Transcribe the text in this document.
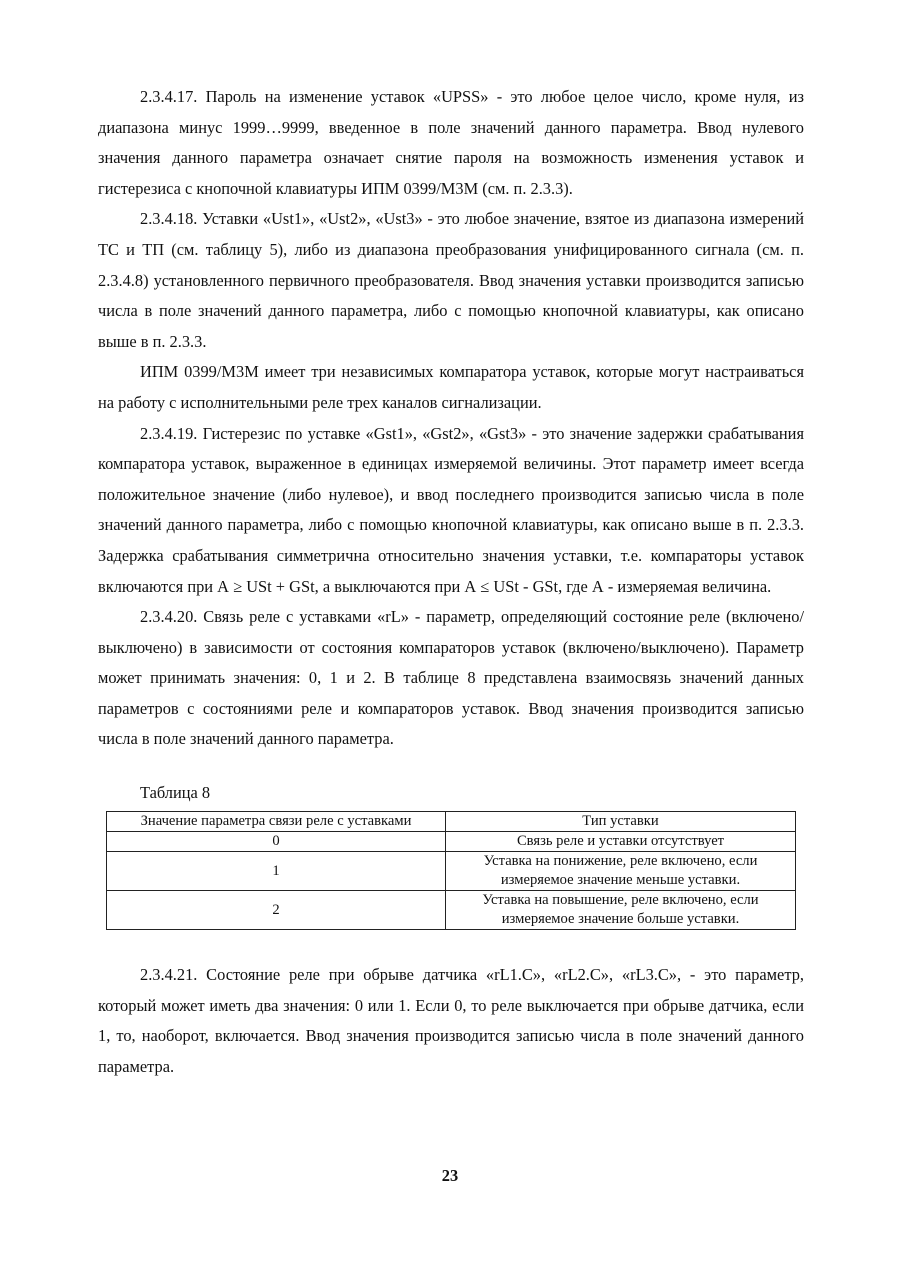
2.3.4.17. Пароль на изменение уставок «UPSS» - это любое целое число, кроме нуля, из диапазона минус 1999…9999, введенное в поле значений данного параметра. Ввод нулевого значения данного параметра означает снятие пароля на возможность изменения уставок и гистерезиса с кнопочной клавиатуры ИПМ 0399/М3М (см. п. 2.3.3).

2.3.4.18. Уставки «Ust1», «Ust2», «Ust3» - это любое значение, взятое из диапазона измерений ТС и ТП (см. таблицу 5), либо из диапазона преобразования унифицированного сигнала (см. п. 2.3.4.8) установленного первичного преобразователя. Ввод значения уставки производится записью числа в поле значений данного параметра, либо с помощью кнопочной клавиатуры, как описано выше в п. 2.3.3.

ИПМ 0399/М3М имеет три независимых компаратора уставок, которые могут настраиваться на работу с исполнительными реле трех каналов сигнализации.

2.3.4.19. Гистерезис по уставке «Gst1», «Gst2», «Gst3» - это значение задержки срабатывания компаратора уставок, выраженное в единицах измеряемой величины. Этот параметр имеет всегда положительное значение (либо нулевое), и ввод последнего производится записью числа в поле значений данного параметра, либо с помощью кнопочной клавиатуры, как описано выше в п. 2.3.3. Задержка срабатывания симметрична относительно значения уставки, т.е. компараторы уставок включаются при А ≥ USt + GSt, а выключаются при А ≤ USt - GSt, где А - измеряемая величина.

2.3.4.20. Связь реле с уставками «rL» - параметр, определяющий состояние реле (включено/выключено) в зависимости от состояния компараторов уставок (включено/выключено). Параметр может принимать значения: 0, 1 и 2. В таблице 8 представлена взаимосвязь значений данных параметров с состояниями реле и компараторов уставок. Ввод значения производится записью числа в поле значений данного параметра.

Таблица 8
Значение параметра связи реле с уставками	Тип уставки
0	Связь реле и уставки отсутствует
1	Уставка на понижение, реле включено, если измеряемое значение меньше уставки.
2	Уставка на повышение, реле включено, если измеряемое значение больше уставки.

2.3.4.21. Состояние реле при обрыве датчика «rL1.C», «rL2.C», «rL3.C», - это параметр, который может иметь два значения: 0 или 1. Если 0, то реле выключается при обрыве датчика, если 1, то, наоборот, включается. Ввод значения производится записью числа в поле значений данного параметра.

23
